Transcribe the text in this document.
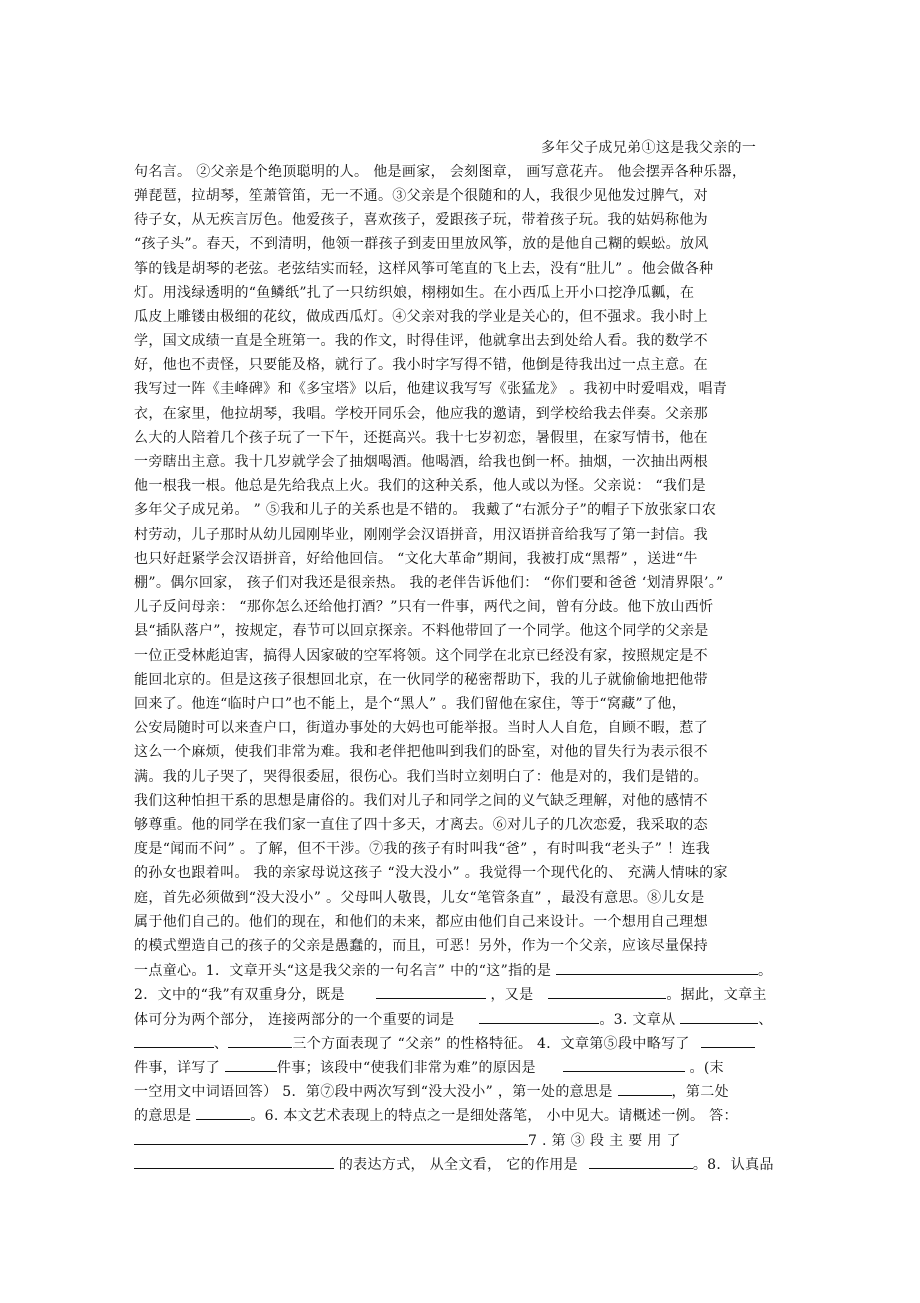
多年父子成兄弟①这是我父亲的一
句名言。 ②父亲是个绝顶聪明的人。 他是画家， 会刻图章， 画写意花卉。 他会摆弄各种乐器，
弹琵琶，拉胡琴，笙萧管笛，无一不通。③父亲是个很随和的人，我很少见他发过脾气，对
待子女，从无疾言厉色。他爱孩子，喜欢孩子，爱跟孩子玩，带着孩子玩。我的姑妈称他为
“孩子头”。春天，不到清明，他领一群孩子到麦田里放风筝，放的是他自己糊的蜈蚣。放风
筝的钱是胡琴的老弦。老弦结实而轻，这样风筝可笔直的飞上去，没有“肚儿” 。他会做各种
灯。用浅绿透明的“鱼鳞纸”扎了一只纺织娘，栩栩如生。在小西瓜上开小口挖净瓜瓤，在
瓜皮上雕镂由极细的花纹，做成西瓜灯。④父亲对我的学业是关心的，但不强求。我小时上
学，国文成绩一直是全班第一。我的作文，时得佳评，他就拿出去到处给人看。我的数学不
好，他也不责怪，只要能及格，就行了。我小时字写得不错，他倒是待我出过一点主意。在
我写过一阵《圭峰碑》和《多宝塔》以后，他建议我写写《张猛龙》 。我初中时爱唱戏，唱青
衣，在家里，他拉胡琴，我唱。学校开同乐会，他应我的邀请，到学校给我去伴奏。父亲那
么大的人陪着几个孩子玩了一下午，还挺高兴。我十七岁初恋，暑假里，在家写情书，他在
一旁瞎出主意。我十几岁就学会了抽烟喝酒。他喝酒，给我也倒一杯。抽烟，一次抽出两根
他一根我一根。他总是先给我点上火。我们的这种关系，他人或以为怪。父亲说： “我们是
多年父子成兄弟。 ” ⑤我和儿子的关系也是不错的。 我戴了“右派分子”的帽子下放张家口农
村劳动，儿子那时从幼儿园刚毕业，刚刚学会汉语拼音，用汉语拼音给我写了第一封信。我
也只好赶紧学会汉语拼音，好给他回信。 “文化大革命”期间，我被打成“黑帮” ，送进“牛
棚”。偶尔回家， 孩子们对我还是很亲热。 我的老伴告诉他们： “你们要和爸爸 ‘划清界限’。”
儿子反问母亲： “那你怎么还给他打酒？”只有一件事，两代之间，曾有分歧。他下放山西忻
县“插队落户”，按规定，春节可以回京探亲。不料他带回了一个同学。他这个同学的父亲是
一位正受林彪迫害，搞得人因家破的空军将领。这个同学在北京已经没有家，按照规定是不
能回北京的。但是这孩子很想回北京，在一伙同学的秘密帮助下，我的儿子就偷偷地把他带
回来了。他连“临时户口”也不能上，是个“黑人” 。我们留他在家住，等于“窝藏”了他，
公安局随时可以来查户口，街道办事处的大妈也可能举报。当时人人自危，自顾不暇，惹了
这么一个麻烦，使我们非常为难。我和老伴把他叫到我们的卧室，对他的冒失行为表示很不
满。我的儿子哭了，哭得很委屈，很伤心。我们当时立刻明白了：他是对的，我们是错的。
我们这种怕担干系的思想是庸俗的。我们对儿子和同学之间的义气缺乏理解，对他的感情不
够尊重。他的同学在我们家一直住了四十多天，才离去。⑥对儿子的几次恋爱，我采取的态
度是“闻而不问” 。了解，但不干涉。⑦我的孩子有时叫我“爸” ，有时叫我“老头子” ！连我
的孙女也跟着叫。 我的亲家母说这孩子 “没大没小” 。我觉得一个现代化的、 充满人情味的家
庭，首先必须做到“没大没小” 。父母叫人敬畏，儿女“笔管条直” ，最没有意思。⑧儿女是
属于他们自己的。他们的现在，和他们的未来，都应由他们自己来设计。一个想用自己理想
的模式塑造自己的孩子的父亲是愚蠢的，而且，可恶！另外，作为一个父亲，应该尽量保持
一点童心。1．文章开头“这是我父亲的一句名言” 中的“这”指的是	。
2．文中的“我”有双重身分，既是	，又是	。据此，文章主
体可分为两个部分， 连接两部分的一个重要的词是	。3. 文章从	、
、	三个方面表现了 “父亲” 的性格特征。 4．文章第⑤段中略写了
件事，详写了	件事；该段中“使我们非常为难”的原因是	。(末
一空用文中词语回答） 5．第⑦段中两次写到“没大没小” ，第一处的意思是	，第二处
的意思是	。6. 本文艺术表现上的特点之一是细处落笔， 小中见大。请概述一例。 答：
7 . 第 ③ 段 主 要 用 了
的表达方式， 从全文看， 它的作用是	。8．认真品
